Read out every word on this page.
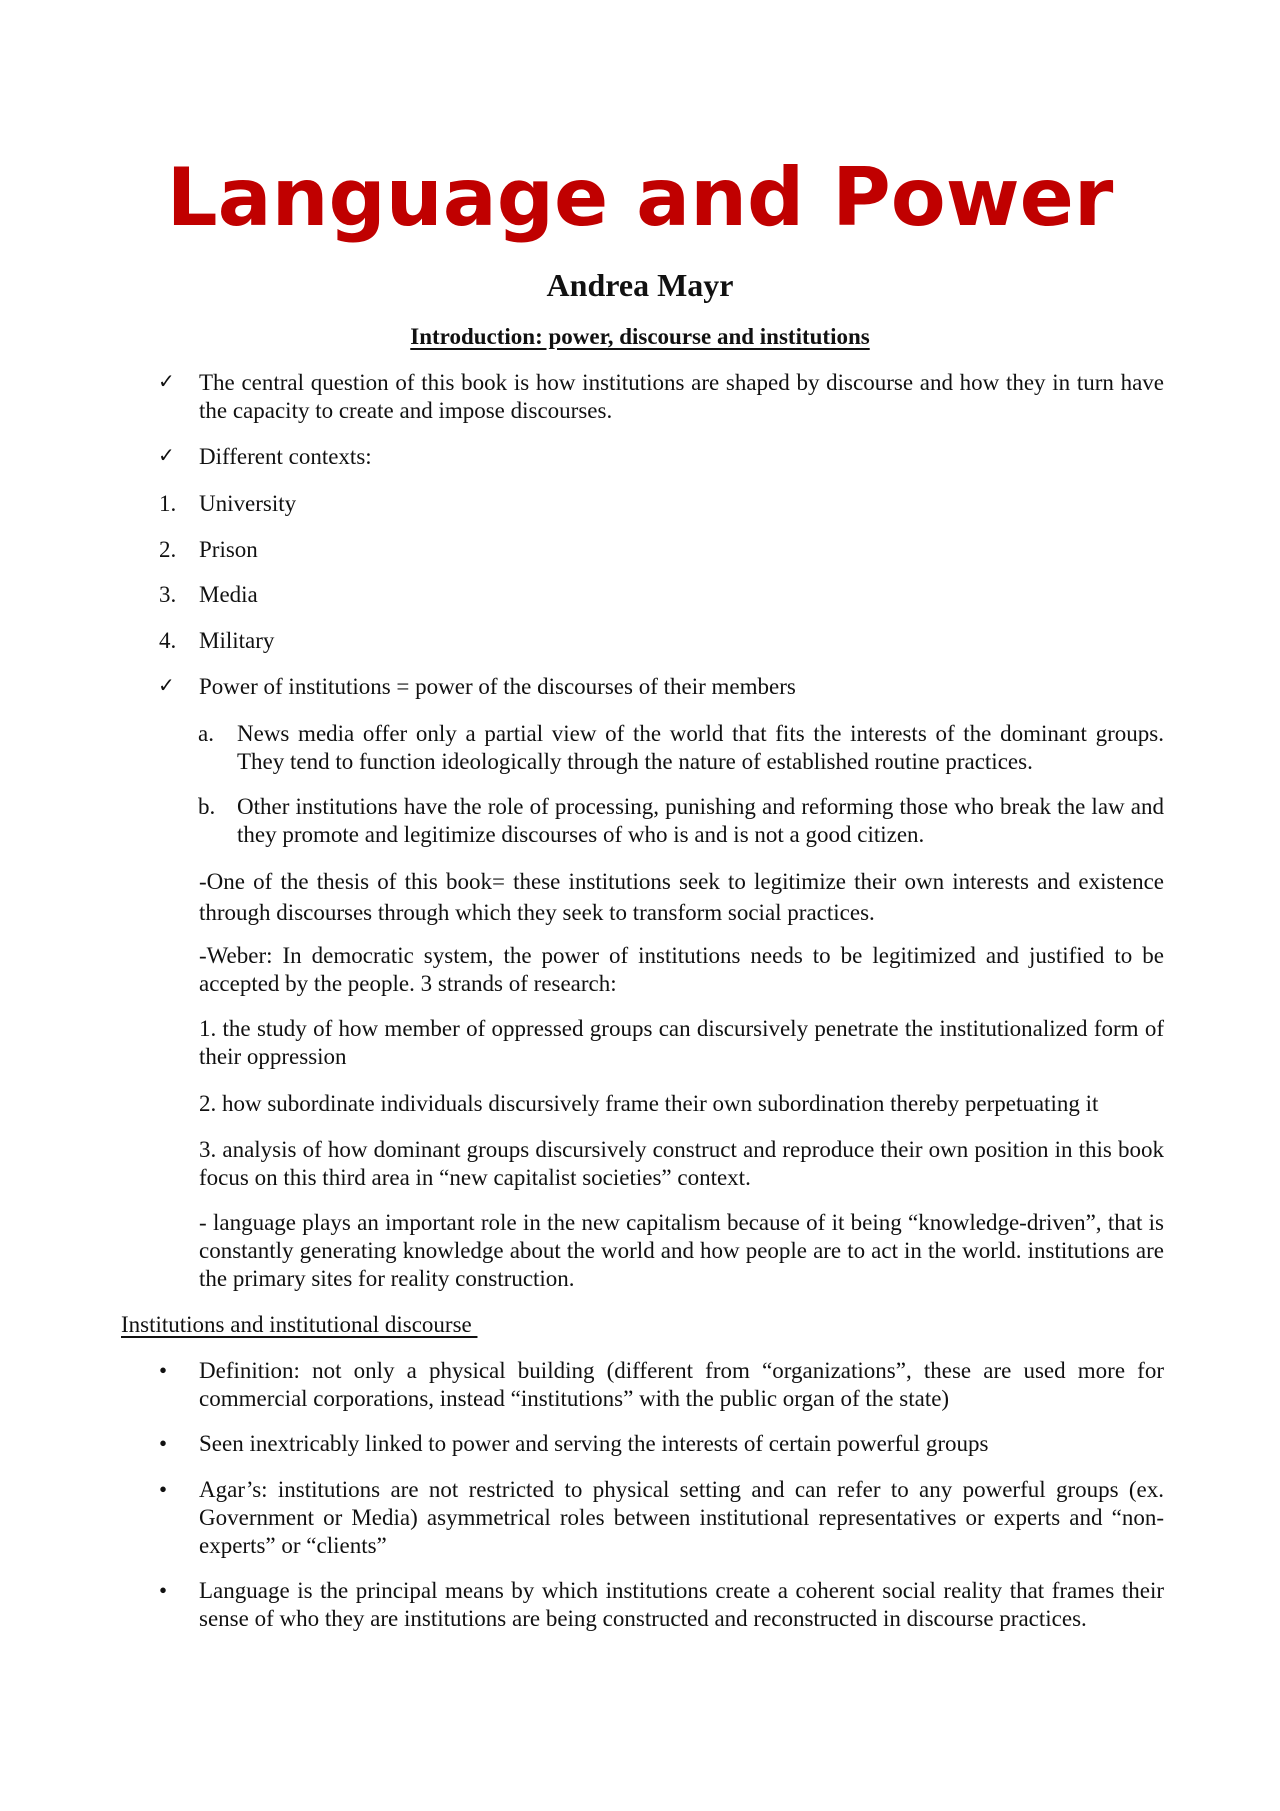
Language and Power
Andrea Mayr
Introduction: power, discourse and institutions
✓ The central question of this book is how institutions are shaped by discourse and how they in turn have the capacity to create and impose discourses.

✓ Different contexts:

1. University

2. Prison

3. Media

4. Military

✓ Power of institutions = power of the discourses of their members

a. News media offer only a partial view of the world that fits the interests of the dominant groups. They tend to function ideologically through the nature of established routine practices.

b. Other institutions have the role of processing, punishing and reforming those who break the law and they promote and legitimize discourses of who is and is not a good citizen.

-One of the thesis of this book= these institutions seek to legitimize their own interests and existence through discourses through which they seek to transform social practices.

-Weber: In democratic system, the power of institutions needs to be legitimized and justified to be accepted by the people. 3 strands of research:

1. the study of how member of oppressed groups can discursively penetrate the institutionalized form of their oppression

2. how subordinate individuals discursively frame their own subordination thereby perpetuating it

3. analysis of how dominant groups discursively construct and reproduce their own position in this book focus on this third area in “new capitalist societies” context.

- language plays an important role in the new capitalism because of it being “knowledge-driven”, that is constantly generating knowledge about the world and how people are to act in the world. institutions are the primary sites for reality construction.

Institutions and institutional discourse
• Definition: not only a physical building (different from “organizations”, these are used more for commercial corporations, instead “institutions” with the public organ of the state)

• Seen inextricably linked to power and serving the interests of certain powerful groups

• Agar’s: institutions are not restricted to physical setting and can refer to any powerful groups (ex. Government or Media) asymmetrical roles between institutional representatives or experts and “non-experts” or “clients”

• Language is the principal means by which institutions create a coherent social reality that frames their sense of who they are institutions are being constructed and reconstructed in discourse practices.
